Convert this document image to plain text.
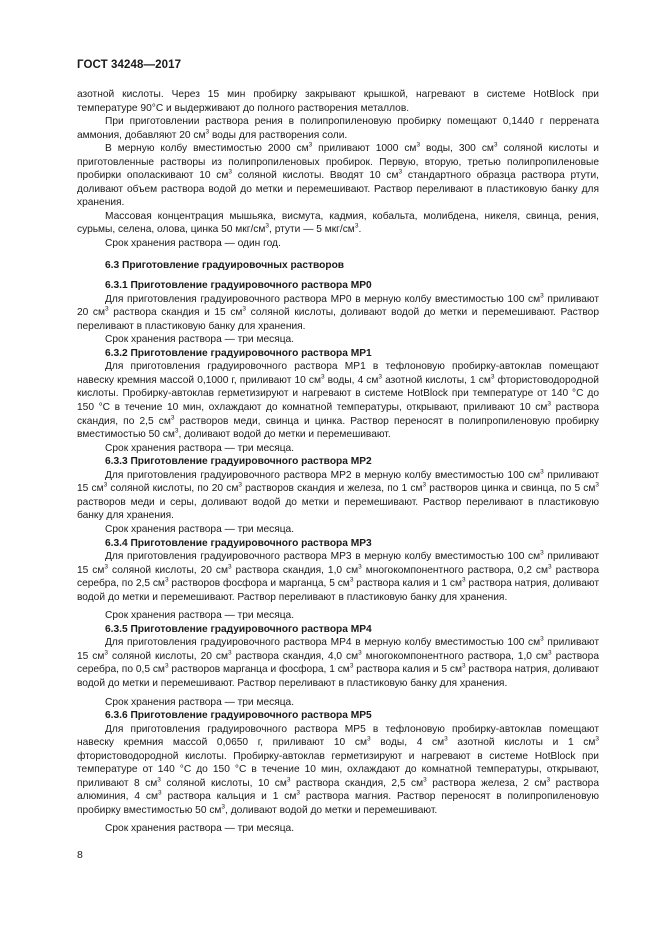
ГОСТ 34248—2017

азотной кислоты. Через 15 мин пробирку закрывают крышкой, нагревают в системе HotBlock при температуре 90°C и выдерживают до полного растворения металлов.

При приготовлении раствора рения в полипропиленовую пробирку помещают 0,1440 г перрената аммония, добавляют 20 $см^3$ воды для растворения соли.

В мерную колбу вместимостью 2000 $см^3$ приливают 1000 $см^3$ воды, 300 $см^3$ соляной кислоты и приготовленные растворы из полипропиленовых пробирок. Первую, вторую, третью полипропиленовые пробирки ополаскивают 10 $см^3$ соляной кислоты. Вводят 10 $см^3$ стандартного образца раствора ртути, доливают объем раствора водой до метки и перемешивают. Раствор переливают в пластиковую банку для хранения.

Массовая концентрация мышьяка, висмута, кадмия, кобальта, молибдена, никеля, свинца, рения, сурьмы, селена, олова, цинка 50 мкг/$см^3$, ртути — 5 мкг/$см^3$.

Срок хранения раствора — один год.

6.3 Приготовление градуировочных растворов

6.3.1 Приготовление градуировочного раствора МР0

Для приготовления градуировочного раствора МР0 в мерную колбу вместимостью 100 $см^3$ приливают 20 $см^3$ раствора скандия и 15 $см^3$ соляной кислоты, доливают водой до метки и перемешивают. Раствор переливают в пластиковую банку для хранения.

Срок хранения раствора — три месяца.

6.3.2 Приготовление градуировочного раствора МР1

Для приготовления градуировочного раствора МР1 в тефлоновую пробирку-автоклав помещают навеску кремния массой 0,1000 г, приливают 10 $см^3$ воды, 4 $см^3$ азотной кислоты, 1 $см^3$ фтористоводородной кислоты. Пробирку-автоклав герметизируют и нагревают в системе HotBlock при температуре от 140 °C до 150 °C в течение 10 мин, охлаждают до комнатной температуры, открывают, приливают 10 $см^3$ раствора скандия, по 2,5 $см^3$ растворов меди, свинца и цинка. Раствор переносят в полипропиленовую пробирку вместимостью 50 $см^3$, доливают водой до метки и перемешивают.

Срок хранения раствора — три месяца.

6.3.3 Приготовление градуировочного раствора МР2

Для приготовления градуировочного раствора МР2 в мерную колбу вместимостью 100 $см^3$ приливают 15 $см^3$ соляной кислоты, по 20 $см^3$ растворов скандия и железа, по 1 $см^3$ растворов цинка и свинца, по 5 $см^3$ растворов меди и серы, доливают водой до метки и перемешивают. Раствор переливают в пластиковую банку для хранения.

Срок хранения раствора — три месяца.

6.3.4 Приготовление градуировочного раствора МР3

Для приготовления градуировочного раствора МР3 в мерную колбу вместимостью 100 $см^3$ приливают 15 $см^3$ соляной кислоты, 20 $см^3$ раствора скандия, 1,0 $см^3$ многокомпонентного раствора, 0,2 $см^3$ раствора серебра, по 2,5 $см^3$ растворов фосфора и марганца, 5 $см^3$ раствора калия и 1 $см^3$ раствора натрия, доливают водой до метки и перемешивают. Раствор переливают в пластиковую банку для хранения.

Срок хранения раствора — три месяца.

6.3.5 Приготовление градуировочного раствора МР4

Для приготовления градуировочного раствора МР4 в мерную колбу вместимостью 100 $см^3$ приливают 15 $см^3$ соляной кислоты, 20 $см^3$ раствора скандия, 4,0 $см^3$ многокомпонентного раствора, 1,0 $см^3$ раствора серебра, по 0,5 $см^3$ растворов марганца и фосфора, 1 $см^3$ раствора калия и 5 $см^3$ раствора натрия, доливают водой до метки и перемешивают. Раствор переливают в пластиковую банку для хранения.

Срок хранения раствора — три месяца.

6.3.6 Приготовление градуировочного раствора МР5

Для приготовления градуировочного раствора МР5 в тефлоновую пробирку-автоклав помещают навеску кремния массой 0,0650 г, приливают 10 $см^3$ воды, 4 $см^3$ азотной кислоты и 1 $см^3$ фтористоводородной кислоты. Пробирку-автоклав герметизируют и нагревают в системе HotBlock при температуре от 140 °C до 150 °C в течение 10 мин, охлаждают до комнатной температуры, открывают, приливают 8 $см^3$ соляной кислоты, 10 $см^3$ раствора скандия, 2,5 $см^3$ раствора железа, 2 $см^3$ раствора алюминия, 4 $см^3$ раствора кальция и 1 $см^3$ раствора магния. Раствор переносят в полипропиленовую пробирку вместимостью 50 $см^3$, доливают водой до метки и перемешивают.

Срок хранения раствора — три месяца.

8
